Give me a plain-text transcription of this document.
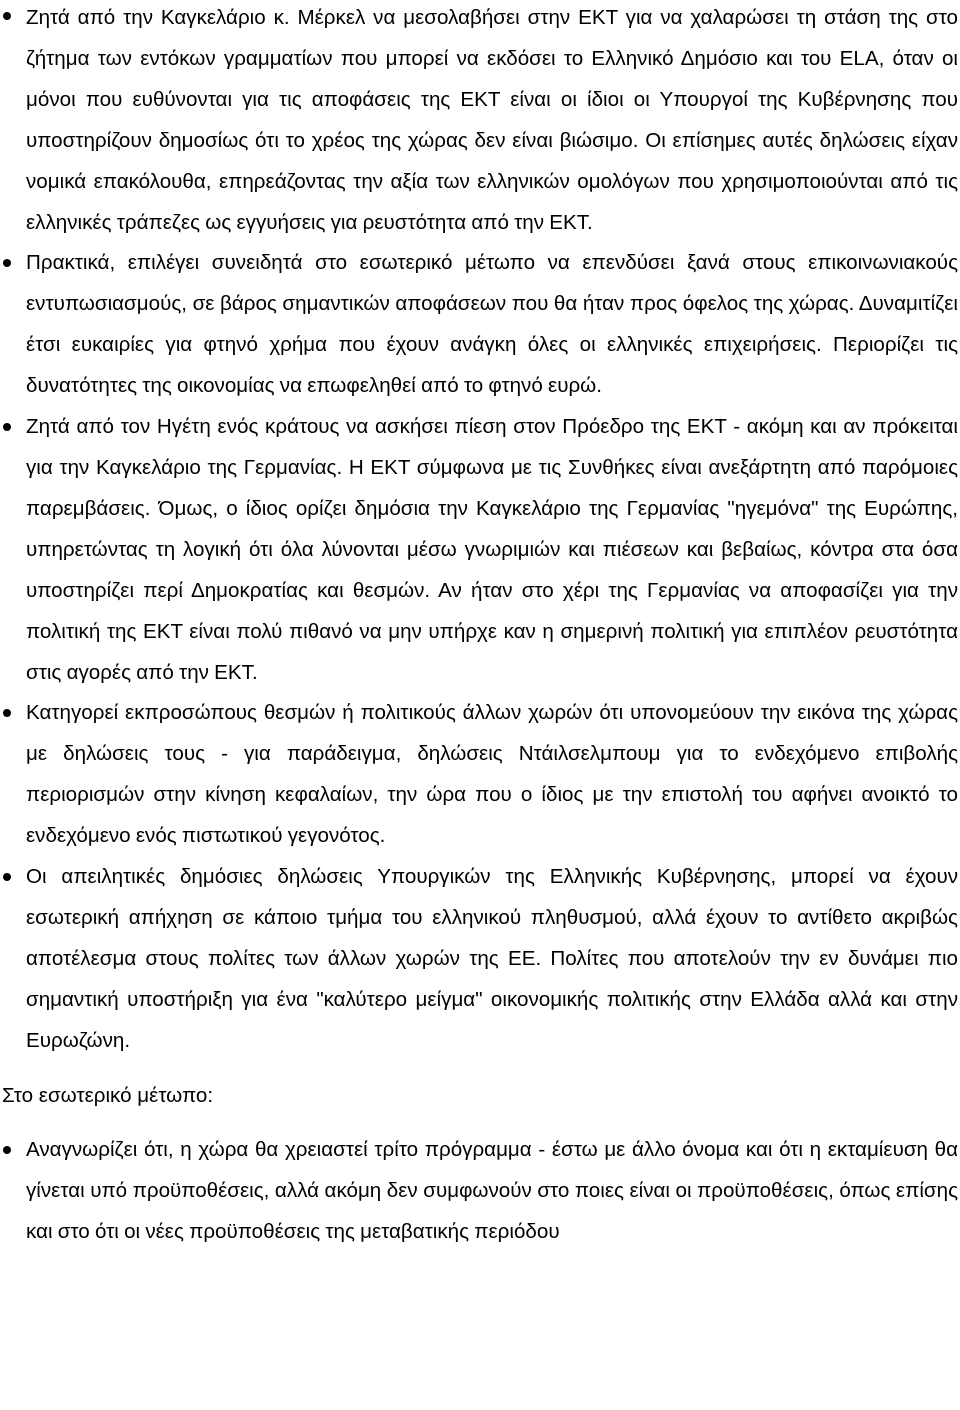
Ζητά από την Καγκελάριο κ. Μέρκελ να μεσολαβήσει στην ΕΚΤ για να χαλαρώσει τη στάση της στο ζήτημα των εντόκων γραμματίων που μπορεί να εκδόσει το Ελληνικό Δημόσιο και του ELA, όταν οι μόνοι που ευθύνονται για τις αποφάσεις της ΕΚΤ είναι οι ίδιοι οι Υπουργοί της Κυβέρνησης που υποστηρίζουν δημοσίως ότι το χρέος της χώρας δεν είναι βιώσιμο. Οι επίσημες αυτές δηλώσεις είχαν νομικά επακόλουθα, επηρεάζοντας την αξία των ελληνικών ομολόγων που χρησιμοποιούνται από τις ελληνικές τράπεζες ως εγγυήσεις για ρευστότητα από την ΕΚΤ.

Πρακτικά, επιλέγει συνειδητά στο εσωτερικό μέτωπο να επενδύσει ξανά στους επικοινωνιακούς εντυπωσιασμούς, σε βάρος σημαντικών αποφάσεων που θα ήταν προς όφελος της χώρας. Δυναμιτίζει έτσι ευκαιρίες για φτηνό χρήμα που έχουν ανάγκη όλες οι ελληνικές επιχειρήσεις. Περιορίζει τις δυνατότητες της οικονομίας να επωφεληθεί από το φτηνό ευρώ.

Ζητά από τον Ηγέτη ενός κράτους να ασκήσει πίεση στον Πρόεδρο της ΕΚΤ - ακόμη και αν πρόκειται για την Καγκελάριο της Γερμανίας. Η ΕΚΤ σύμφωνα με τις Συνθήκες είναι ανεξάρτητη από παρόμοιες παρεμβάσεις. Όμως, ο ίδιος ορίζει δημόσια την Καγκελάριο της Γερμανίας "ηγεμόνα" της Ευρώπης, υπηρετώντας τη λογική ότι όλα λύνονται μέσω γνωριμιών και πιέσεων και βεβαίως, κόντρα στα όσα υποστηρίζει περί Δημοκρατίας και θεσμών. Αν ήταν στο χέρι της Γερμανίας να αποφασίζει για την πολιτική της ΕΚΤ είναι πολύ πιθανό να μην υπήρχε καν η σημερινή πολιτική για επιπλέον ρευστότητα στις αγορές από την ΕΚΤ.

Κατηγορεί εκπροσώπους θεσμών ή πολιτικούς άλλων χωρών ότι υπονομεύουν την εικόνα της χώρας με δηλώσεις τους - για παράδειγμα, δηλώσεις Ντάιλσελμπουμ για το ενδεχόμενο επιβολής περιορισμών στην κίνηση κεφαλαίων, την ώρα που ο ίδιος με την επιστολή του αφήνει ανοικτό το ενδεχόμενο ενός πιστωτικού γεγονότος.

Οι απειλητικές δημόσιες δηλώσεις Υπουργικών της Ελληνικής Κυβέρνησης, μπορεί να έχουν εσωτερική απήχηση σε κάποιο τμήμα του ελληνικού πληθυσμού, αλλά έχουν το αντίθετο ακριβώς αποτέλεσμα στους πολίτες των άλλων χωρών της ΕΕ. Πολίτες που αποτελούν την εν δυνάμει πιο σημαντική υποστήριξη για ένα "καλύτερο μείγμα" οικονομικής πολιτικής στην Ελλάδα αλλά και στην Ευρωζώνη.

Στο εσωτερικό μέτωπο:

Αναγνωρίζει ότι, η χώρα θα χρειαστεί τρίτο πρόγραμμα - έστω με άλλο όνομα και ότι η εκταμίευση θα γίνεται υπό προϋποθέσεις, αλλά ακόμη δεν συμφωνούν στο ποιες είναι οι προϋποθέσεις, όπως επίσης και στο ότι οι νέες προϋποθέσεις της μεταβατικής περιόδου
